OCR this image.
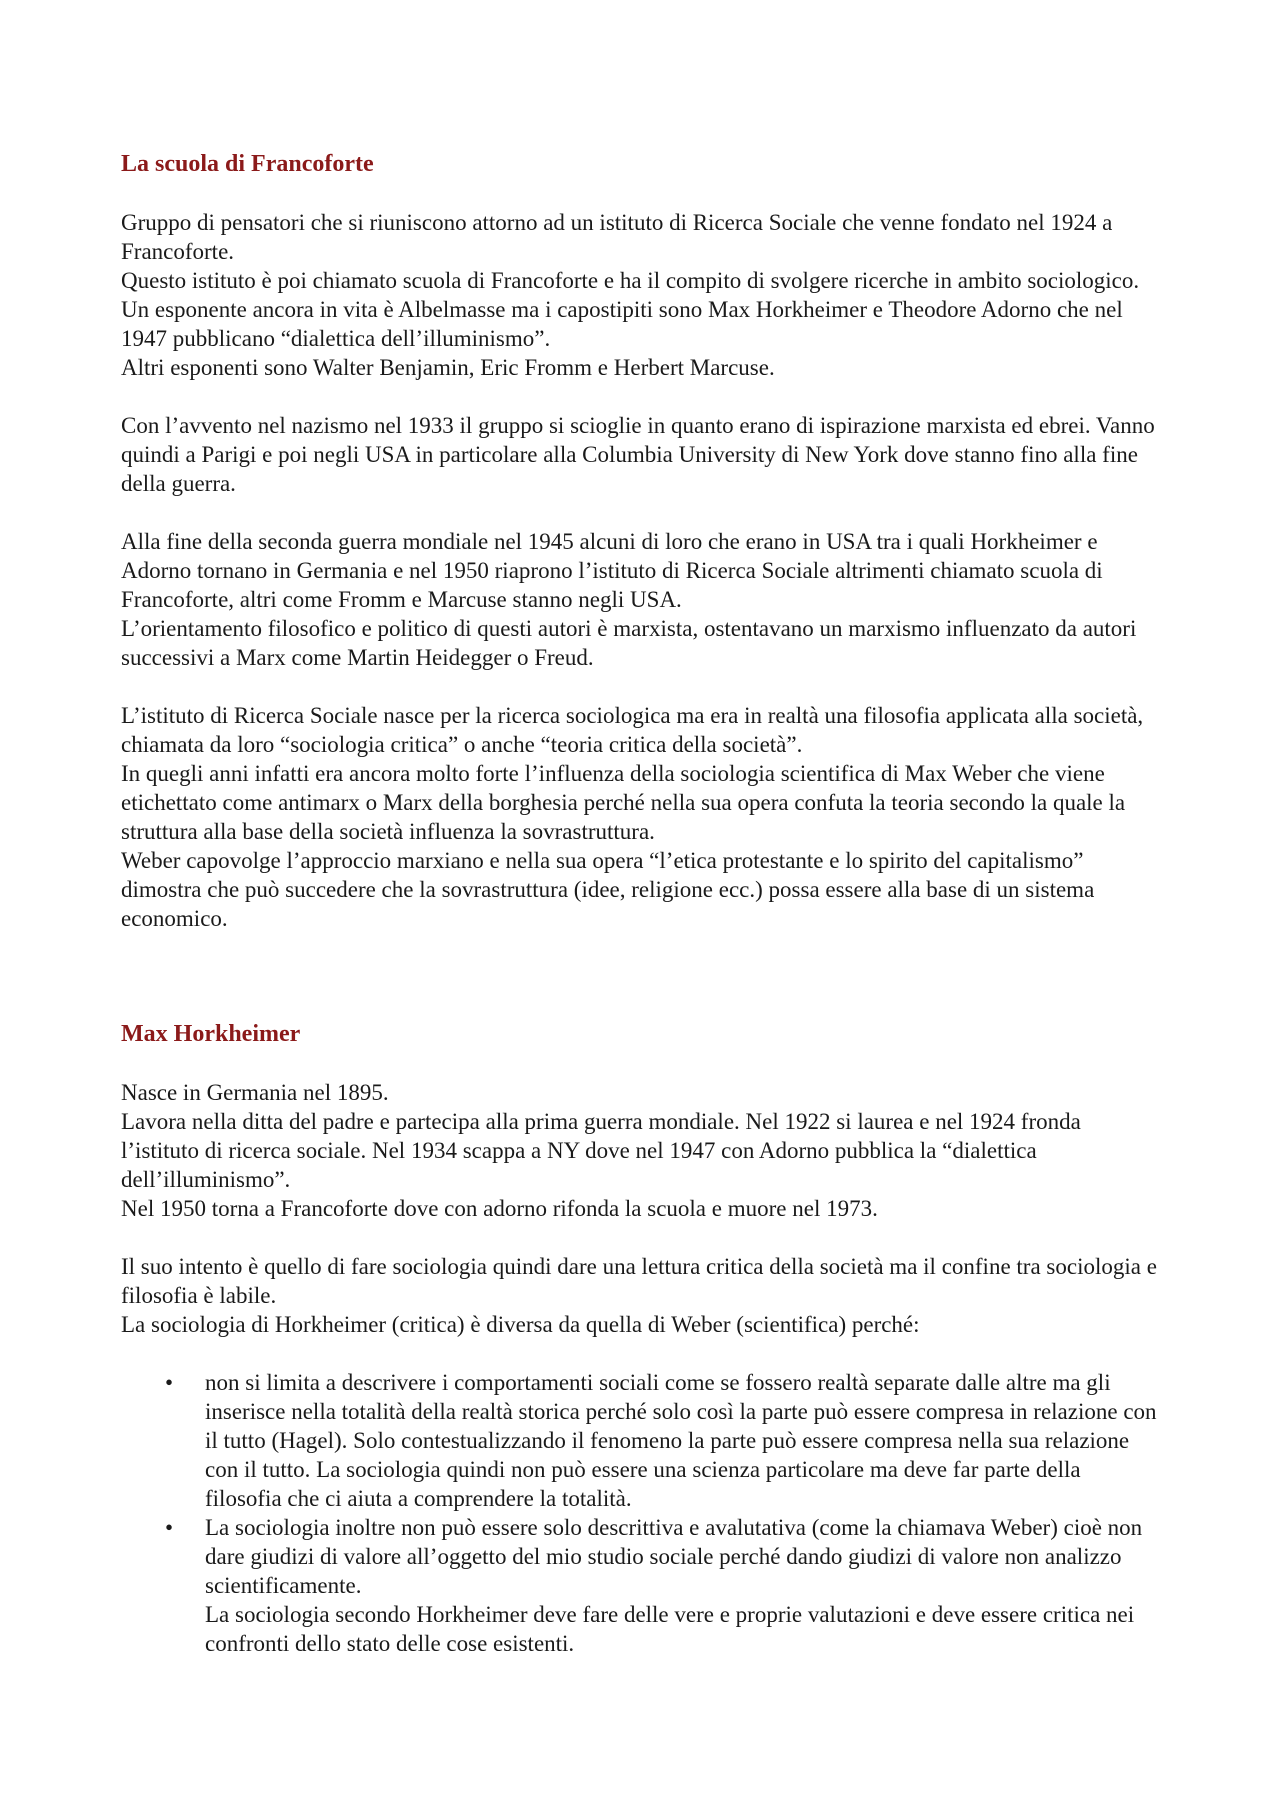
La scuola di Francoforte

Gruppo di pensatori che si riuniscono attorno ad un istituto di Ricerca Sociale che venne fondato nel 1924 a Francoforte.

Questo istituto è poi chiamato scuola di Francoforte e ha il compito di svolgere ricerche in ambito sociologico.

Un esponente ancora in vita è Albelmasse ma i capostipiti sono Max Horkheimer e Theodore Adorno che nel 1947 pubblicano “dialettica dell’illuminismo”.

Altri esponenti sono Walter Benjamin, Eric Fromm e Herbert Marcuse.

Con l’avvento nel nazismo nel 1933 il gruppo si scioglie in quanto erano di ispirazione marxista ed ebrei. Vanno quindi a Parigi e poi negli USA in particolare alla Columbia University di New York dove stanno fino alla fine della guerra.

Alla fine della seconda guerra mondiale nel 1945 alcuni di loro che erano in USA tra i quali Horkheimer e Adorno tornano in Germania e nel 1950 riaprono l’istituto di Ricerca Sociale altrimenti chiamato scuola di Francoforte, altri come Fromm e Marcuse stanno negli USA.

L’orientamento filosofico e politico di questi autori è marxista, ostentavano un marxismo influenzato da autori successivi a Marx come Martin Heidegger o Freud.

L’istituto di Ricerca Sociale nasce per la ricerca sociologica ma era in realtà una filosofia applicata alla società, chiamata da loro “sociologia critica” o anche “teoria critica della società”.

In quegli anni infatti era ancora molto forte l’influenza della sociologia scientifica di Max Weber che viene etichettato come antimarx o Marx della borghesia perché nella sua opera confuta la teoria secondo la quale la struttura alla base della società influenza la sovrastruttura.

Weber capovolge l’approccio marxiano e nella sua opera “l’etica protestante e lo spirito del capitalismo” dimostra che può succedere che la sovrastruttura (idee, religione ecc.) possa essere alla base di un sistema economico.

Max Horkheimer

Nasce in Germania nel 1895.

Lavora nella ditta del padre e partecipa alla prima guerra mondiale. Nel 1922 si laurea e nel 1924 fronda l’istituto di ricerca sociale. Nel 1934 scappa a NY dove nel 1947 con Adorno pubblica la “dialettica dell’illuminismo”.

Nel 1950 torna a Francoforte dove con adorno rifonda la scuola e muore nel 1973.

Il suo intento è quello di fare sociologia quindi dare una lettura critica della società ma il confine tra sociologia e filosofia è labile.

La sociologia di Horkheimer (critica) è diversa da quella di Weber (scientifica) perché:

• non si limita a descrivere i comportamenti sociali come se fossero realtà separate dalle altre ma gli inserisce nella totalità della realtà storica perché solo così la parte può essere compresa in relazione con il tutto (Hagel). Solo contestualizzando il fenomeno la parte può essere compresa nella sua relazione con il tutto. La sociologia quindi non può essere una scienza particolare ma deve far parte della filosofia che ci aiuta a comprendere la totalità.

• La sociologia inoltre non può essere solo descrittiva e avalutativa (come la chiamava Weber) cioè non dare giudizi di valore all’oggetto del mio studio sociale perché dando giudizi di valore non analizzo scientificamente.

La sociologia secondo Horkheimer deve fare delle vere e proprie valutazioni e deve essere critica nei confronti dello stato delle cose esistenti.
